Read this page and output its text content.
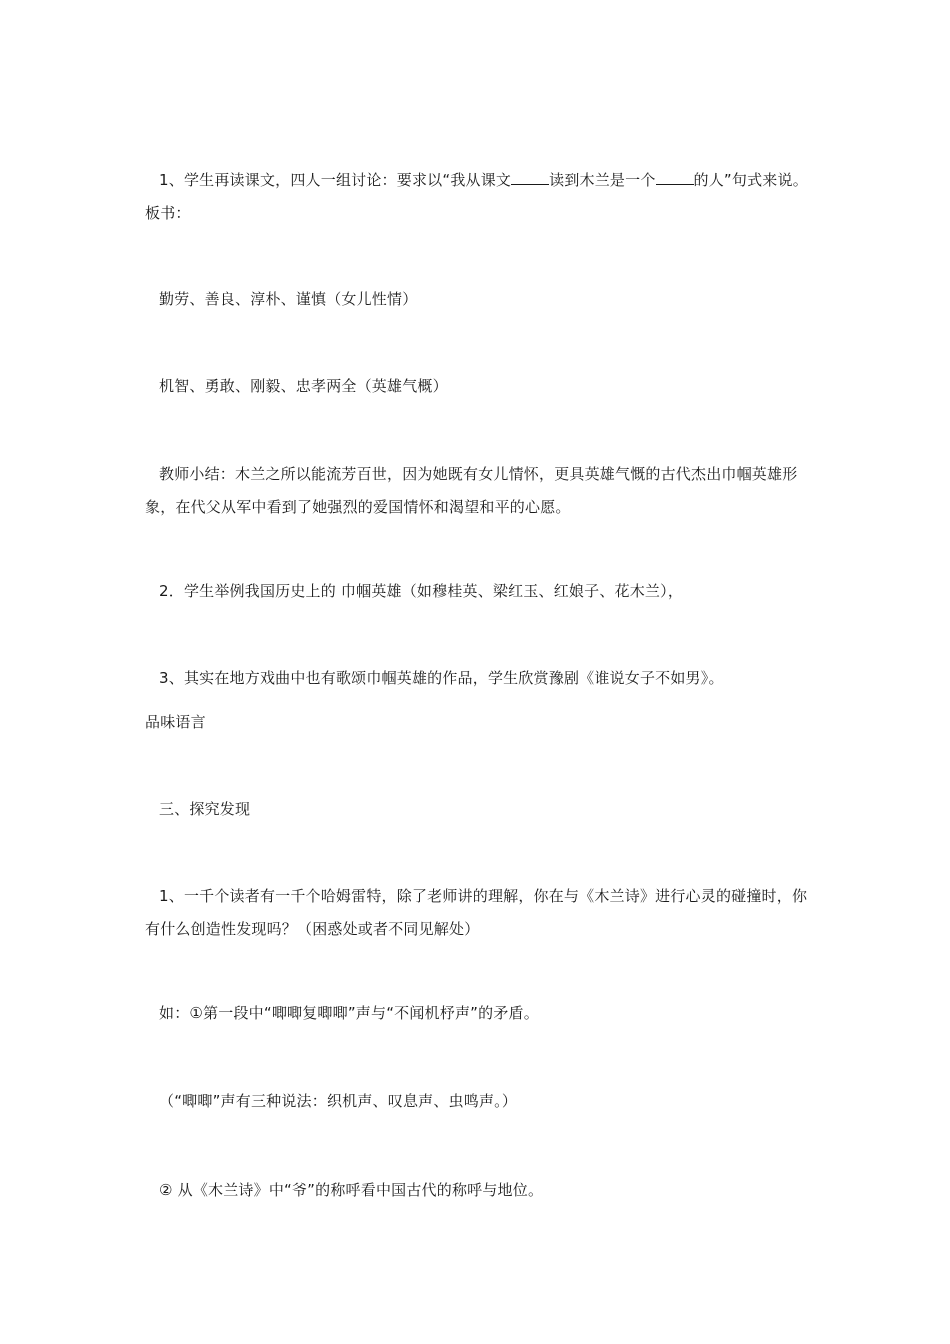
1、学生再读课文，四人一组讨论：要求以“我从课文	读到木兰是一个	的人”句式来说。板书：
勤劳、善良、淳朴、谨慎（女儿性情）
机智、勇敢、刚毅、忠孝两全（英雄气概）
教师小结：木兰之所以能流芳百世，因为她既有女儿情怀，更具英雄气慨的古代杰出巾帼英雄形象，在代父从军中看到了她强烈的爱国情怀和渴望和平的心愿。
2．学生举例我国历史上的 巾帼英雄（如穆桂英、梁红玉、红娘子、花木兰），
3、其实在地方戏曲中也有歌颂巾帼英雄的作品，学生欣赏豫剧《谁说女子不如男》。
品味语言
三、探究发现
1、一千个读者有一千个哈姆雷特，除了老师讲的理解，你在与《木兰诗》进行心灵的碰撞时，你有什么创造性发现吗？（困惑处或者不同见解处）
如：①第一段中“唧唧复唧唧”声与“不闻机杼声”的矛盾。
（“唧唧”声有三种说法：织机声、叹息声、虫鸣声。）
② 从《木兰诗》中“爷”的称呼看中国古代的称呼与地位。
